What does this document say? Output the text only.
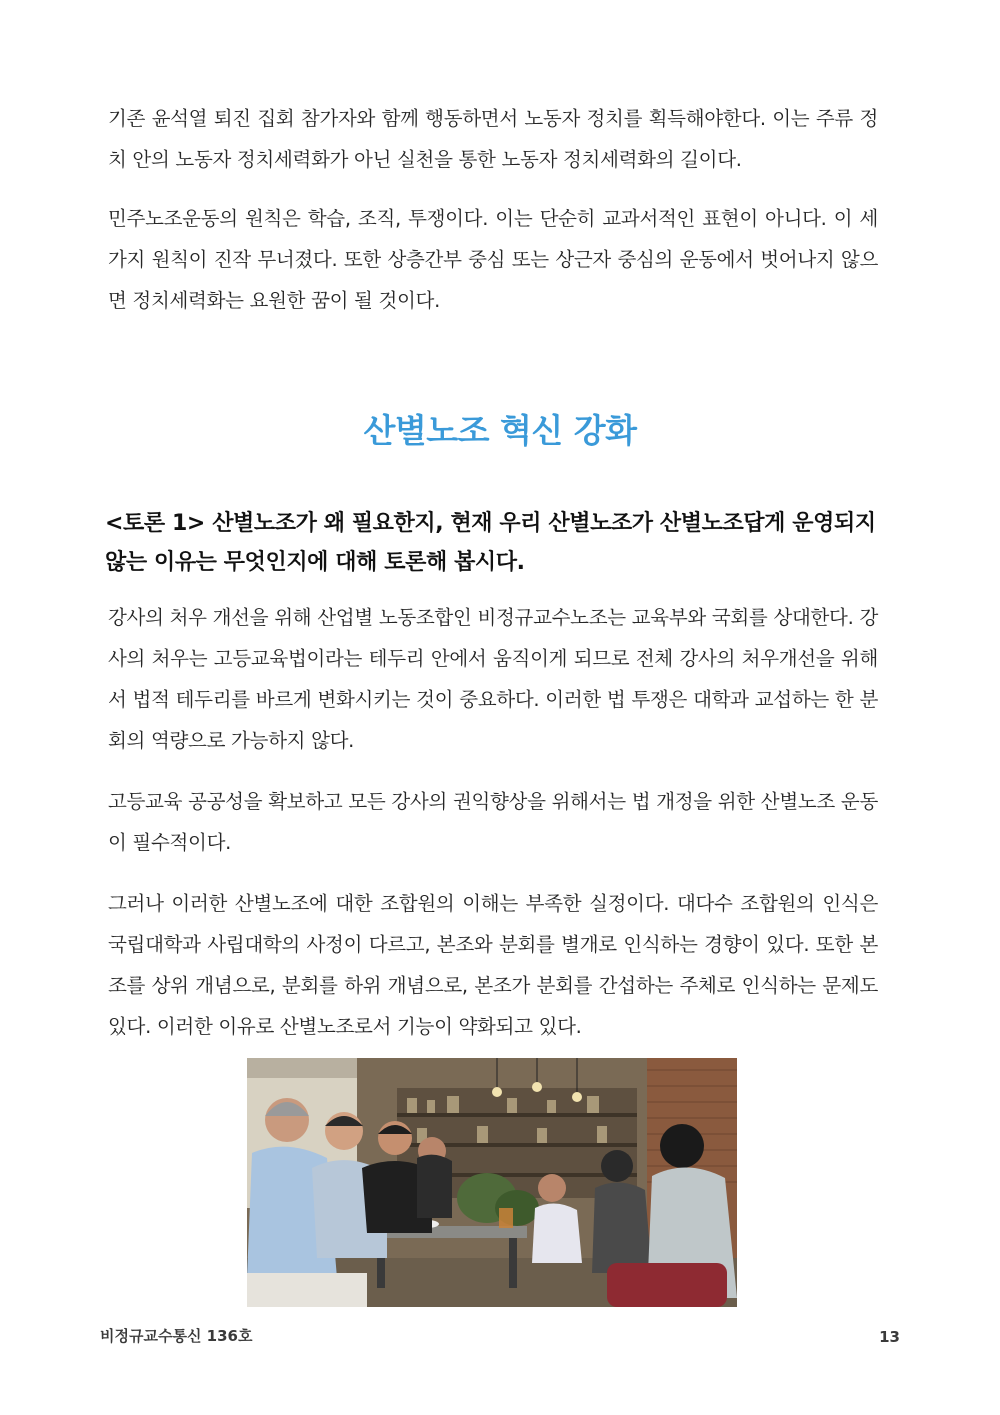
기존 윤석열 퇴진 집회 참가자와 함께 행동하면서 노동자 정치를 획득해야한다. 이는 주류 정치 안의 노동자 정치세력화가 아닌 실천을 통한 노동자 정치세력화의 길이다.

민주노조운동의 원칙은 학습, 조직, 투쟁이다. 이는 단순히 교과서적인 표현이 아니다. 이 세 가지 원칙이 진작 무너졌다. 또한 상층간부 중심 또는 상근자 중심의 운동에서 벗어나지 않으면 정치세력화는 요원한 꿈이 될 것이다.

산별노조 혁신 강화
<토론 1> 산별노조가 왜 필요한지, 현재 우리 산별노조가 산별노조답게 운영되지 않는 이유는 무엇인지에 대해 토론해 봅시다.

강사의 처우 개선을 위해 산업별 노동조합인 비정규교수노조는 교육부와 국회를 상대한다. 강사의 처우는 고등교육법이라는 테두리 안에서 움직이게 되므로 전체 강사의 처우개선을 위해서 법적 테두리를 바르게 변화시키는 것이 중요하다. 이러한 법 투쟁은 대학과 교섭하는 한 분회의 역량으로 가능하지 않다.

고등교육 공공성을 확보하고 모든 강사의 권익향상을 위해서는 법 개정을 위한 산별노조 운동이 필수적이다.

그러나 이러한 산별노조에 대한 조합원의 이해는 부족한 실정이다. 대다수 조합원의 인식은 국립대학과 사립대학의 사정이 다르고, 본조와 분회를 별개로 인식하는 경향이 있다. 또한 본조를 상위 개념으로, 분회를 하위 개념으로, 본조가 분회를 간섭하는 주체로 인식하는 문제도 있다. 이러한 이유로 산별노조로서 기능이 약화되고 있다.

비정규교수통신 136호	13
